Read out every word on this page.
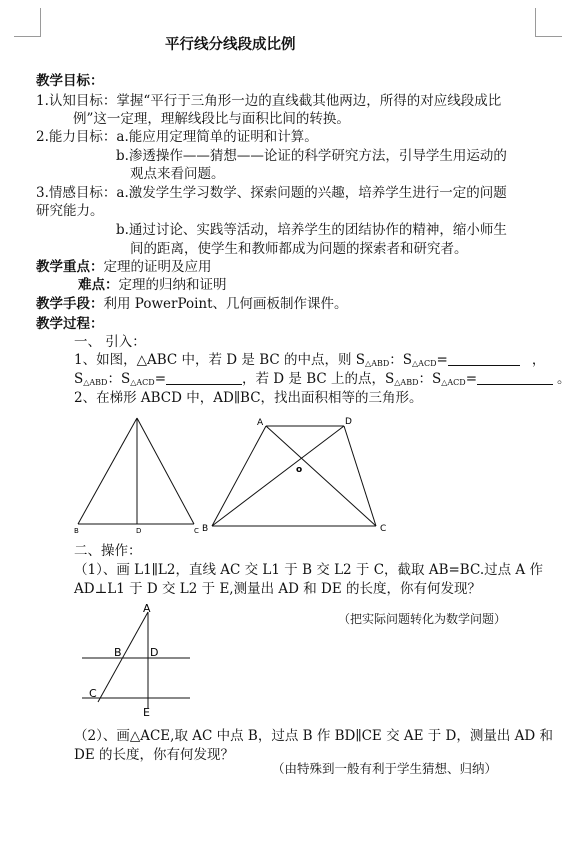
平行线分线段成比例
教学目标：
1.认知目标：掌握“平行于三角形一边的直线截其他两边，所得的对应线段成比
例”这一定理，理解线段比与面积比间的转换。
2.能力目标：a.能应用定理简单的证明和计算。
b.渗透操作——猜想——论证的科学研究方法，引导学生用运动的
观点来看问题。
3.情感目标：a.激发学生学习数学、探索问题的兴趣，培养学生进行一定的问题
研究能力。
b.通过讨论、实践等活动，培养学生的团结协作的精神，缩小师生
间的距离，使学生和教师都成为问题的探索者和研究者。
教学重点：定理的证明及应用
难点：定理的归纳和证明
教学手段：利用 PowerPoint、几何画板制作课件。
教学过程：
一、 引入：
1、如图，△ABC 中，若 D 是 BC 的中点，则 $S_{\triangle ABD}$：$S_{\triangle ACD}=$	，
$S_{\triangle ABD}$：$S_{\triangle ACD}=$	，若 D 是 BC 上的点，$S_{\triangle ABD}$：$S_{\triangle ACD}=$	。
2、在梯形 ABCD 中，AD∥BC，找出面积相等的三角形。
B	D	C
A	D
B	C
o
二、操作：
（1）、画 L1∥L2，直线 AC 交 L1 于 B 交 L2 于 C，截取 AB=BC.过点 A 作
AD⊥L1 于 D 交 L2 于 E,测量出 AD 和 DE 的长度，你有何发现？
（把实际问题转化为数学问题）
A
B	D
C
E
（2）、画△ACE,取 AC 中点 B，过点 B 作 BD∥CE 交 AE 于 D，测量出 AD 和
DE 的长度，你有何发现？
（由特殊到一般有利于学生猜想、归纳）
